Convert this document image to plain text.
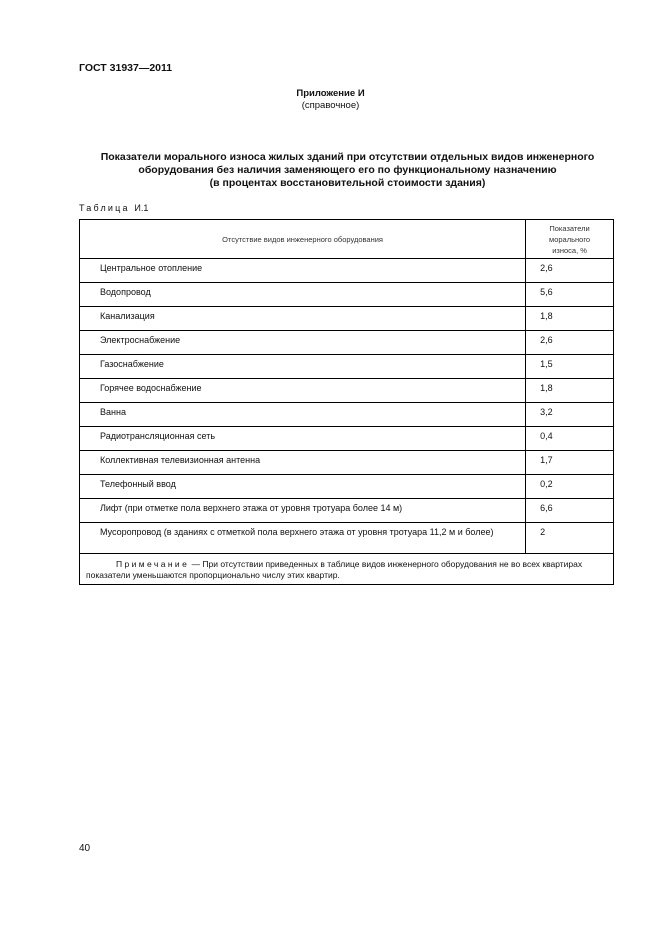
ГОСТ 31937—2011
Приложение И
(справочное)
Показатели морального износа жилых зданий при отсутствии отдельных видов инженерного
оборудования без наличия заменяющего его по функциональному назначению
(в процентах восстановительной стоимости здания)
Таблица И.1
Отсутствие видов инженерного оборудования	Показатели
морального
износа, %

Центральное отопление	2,6
Водопровод	5,6
Канализация	1,8
Электроснабжение	2,6
Газоснабжение	1,5
Горячее водоснабжение	1,8
Ванна	3,2
Радиотрансляционная сеть	0,4
Коллективная телевизионная антенна	1,7
Телефонный ввод	0,2
Лифт (при отметке пола верхнего этажа от уровня тротуара более 14 м)	6,6
Мусоропровод (в зданиях с отметкой пола верхнего этажа от уровня тротуара 11,2 м и более)	2
Примечание — При отсутствии приведенных в таблице видов инженерного оборудования не во всех квартирах показатели уменьшаются пропорционально числу этих квартир.	
40
